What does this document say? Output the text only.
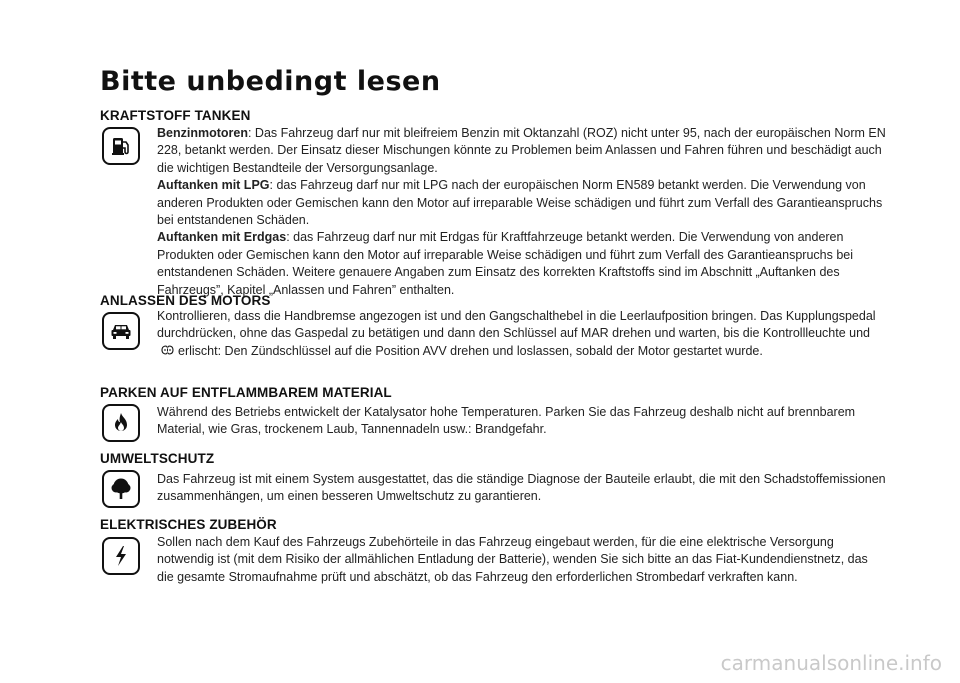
Bitte unbedingt lesen
KRAFTSTOFF TANKEN

Benzinmotoren: Das Fahrzeug darf nur mit bleifreiem Benzin mit Oktanzahl (ROZ) nicht unter 95, nach der europäischen Norm EN 228, betankt werden. Der Einsatz dieser Mischungen könnte zu Problemen beim Anlassen und Fahren führen und beschädigt auch die wichtigen Bestandteile der Versorgungsanlage.

Auftanken mit LPG: das Fahrzeug darf nur mit LPG nach der europäischen Norm EN589 betankt werden. Die Verwendung von anderen Produkten oder Gemischen kann den Motor auf irreparable Weise schädigen und führt zum Verfall des Garantieanspruchs bei entstandenen Schäden.

Auftanken mit Erdgas: das Fahrzeug darf nur mit Erdgas für Kraftfahrzeuge betankt werden. Die Verwendung von anderen Produkten oder Gemischen kann den Motor auf irreparable Weise schädigen und führt zum Verfall des Garantieanspruchs bei entstandenen Schäden. Weitere genauere Angaben zum Einsatz des korrekten Kraftstoffs sind im Abschnitt „Auftanken des Fahrzeugs”, Kapitel „Anlassen und Fahren” enthalten.

ANLASSEN DES MOTORS

Kontrollieren, dass die Handbremse angezogen ist und den Gangschalthebel in die Leerlaufposition bringen. Das Kupplungspedal durchdrücken, ohne das Gaspedal zu betätigen und dann den Schlüssel auf MAR drehen und warten, bis die Kontrollleuchte underlischt: Den Zündschlüssel auf die Position AVV drehen und loslassen, sobald der Motor gestartet wurde.

PARKEN AUF ENTFLAMMBAREM MATERIAL

Während des Betriebs entwickelt der Katalysator hohe Temperaturen. Parken Sie das Fahrzeug deshalb nicht auf brennbarem Material, wie Gras, trockenem Laub, Tannennadeln usw.: Brandgefahr.

UMWELTSCHUTZ

Das Fahrzeug ist mit einem System ausgestattet, das die ständige Diagnose der Bauteile erlaubt, die mit den Schadstoffemissionen zusammenhängen, um einen besseren Umweltschutz zu garantieren.

ELEKTRISCHES ZUBEHÖR

Sollen nach dem Kauf des Fahrzeugs Zubehörteile in das Fahrzeug eingebaut werden, für die eine elektrische Versorgung notwendig ist (mit dem Risiko der allmählichen Entladung der Batterie), wenden Sie sich bitte an das Fiat-Kundendienstnetz, das die gesamte Stromaufnahme prüft und abschätzt, ob das Fahrzeug den erforderlichen Strombedarf verkraften kann.

carmanualsonline.info
